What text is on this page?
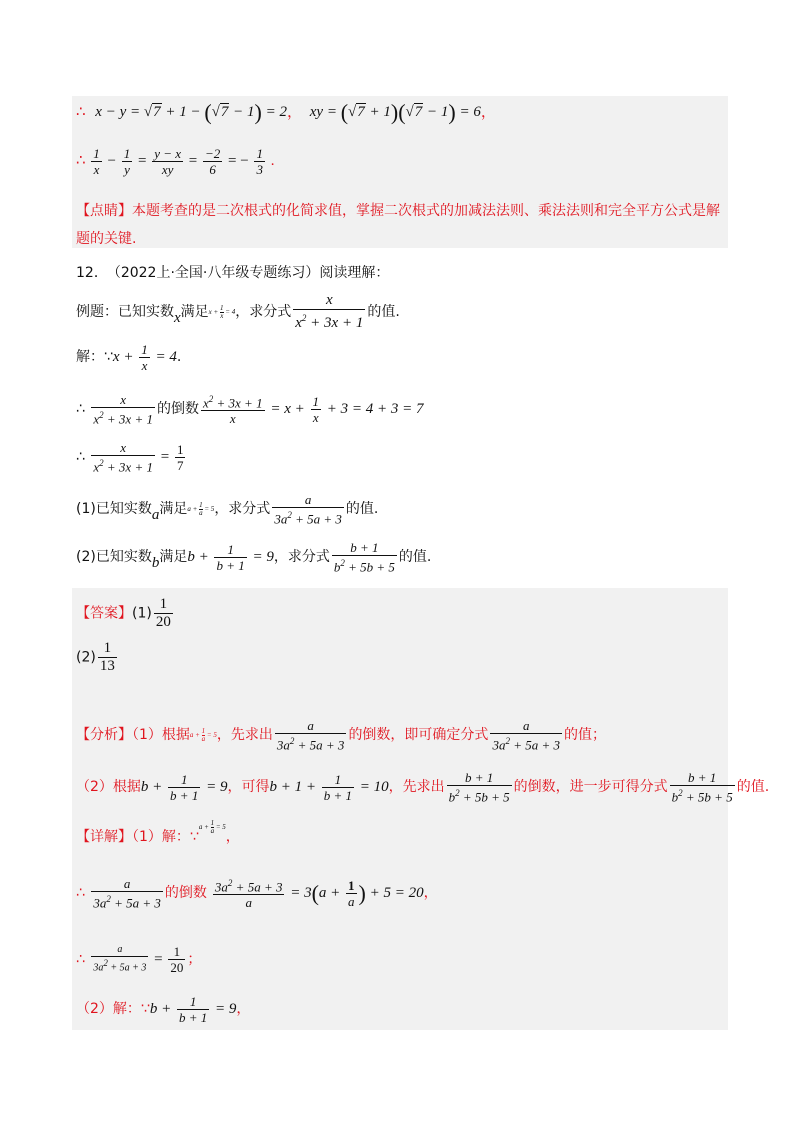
∴ x − y = √7 + 1 − (√7 − 1) = 2， xy = (√7 + 1)(√7 − 1) = 6，
∴ $\frac{1}{x} - \frac{1}{y} = \frac{y - x}{xy} = \frac{-2}{6}$ = − $\frac{1}{3}$ .
【点睛】本题考查的是二次根式的化简求值，掌握二次根式的加减法法则、乘法法则和完全平方公式是解
题的关键.
12． （2022上·全国·八年级专题练习）阅读理解：
例题：已知实数x满足$x + \frac{1}{x} = 4$，求分式 $\frac{x}{x^2 + 3x + 1}$ 的值.
解：∵x + $\frac{1}{x} = 4$.
∴ $\frac{x}{x^2 + 3x + 1}$ 的倒数 $\frac{x^2 + 3x + 1}{x} = x + \frac{1}{x} + 3 = 4 + 3 = 7$
∴ $\frac{x}{x^2 + 3x + 1} = \frac{1}{7}$
(1)已知实数a满足$a + \frac{1}{a} = 5$，求分式 $\frac{a}{3a^2 + 5a + 3}$ 的值.
(2)已知实数b满足$b + \frac{1}{b + 1} = 9$，求分式 $\frac{b + 1}{b^2 + 5b + 5}$ 的值.
【答案】$(1) \frac{1}{20}$
$(2) \frac{1}{13}$
【分析】（1）根据$a + \frac{1}{a} = 5$，先求出 $\frac{a}{3a^2 + 5a + 3}$ 的倒数，即可确定分式 $\frac{a}{3a^2 + 5a + 3}$ 的值；
（2）根据$b + \frac{1}{b + 1} = 9$，可得$b + 1 + \frac{1}{b + 1} = 10$，先求出 $\frac{b + 1}{b^2 + 5b + 5}$ 的倒数，进一步可得分式 $\frac{b + 1}{b^2 + 5b + 5}$ 的值.
【详解】（1）解：∵a + $\frac{1}{a} = 5$，
∴ $\frac{a}{3a^2 + 5a + 3}$ 的倒数 $\frac{3a^2 + 5a + 3}{a} = 3(a + \frac{1}{a}$ ) + 5 = 20，
∴ $\frac{a}{3a2 + 5a + 3} = \frac{1}{20}$ ；
（2）解：∵b + $\frac{1}{b + 1} = 9$，
